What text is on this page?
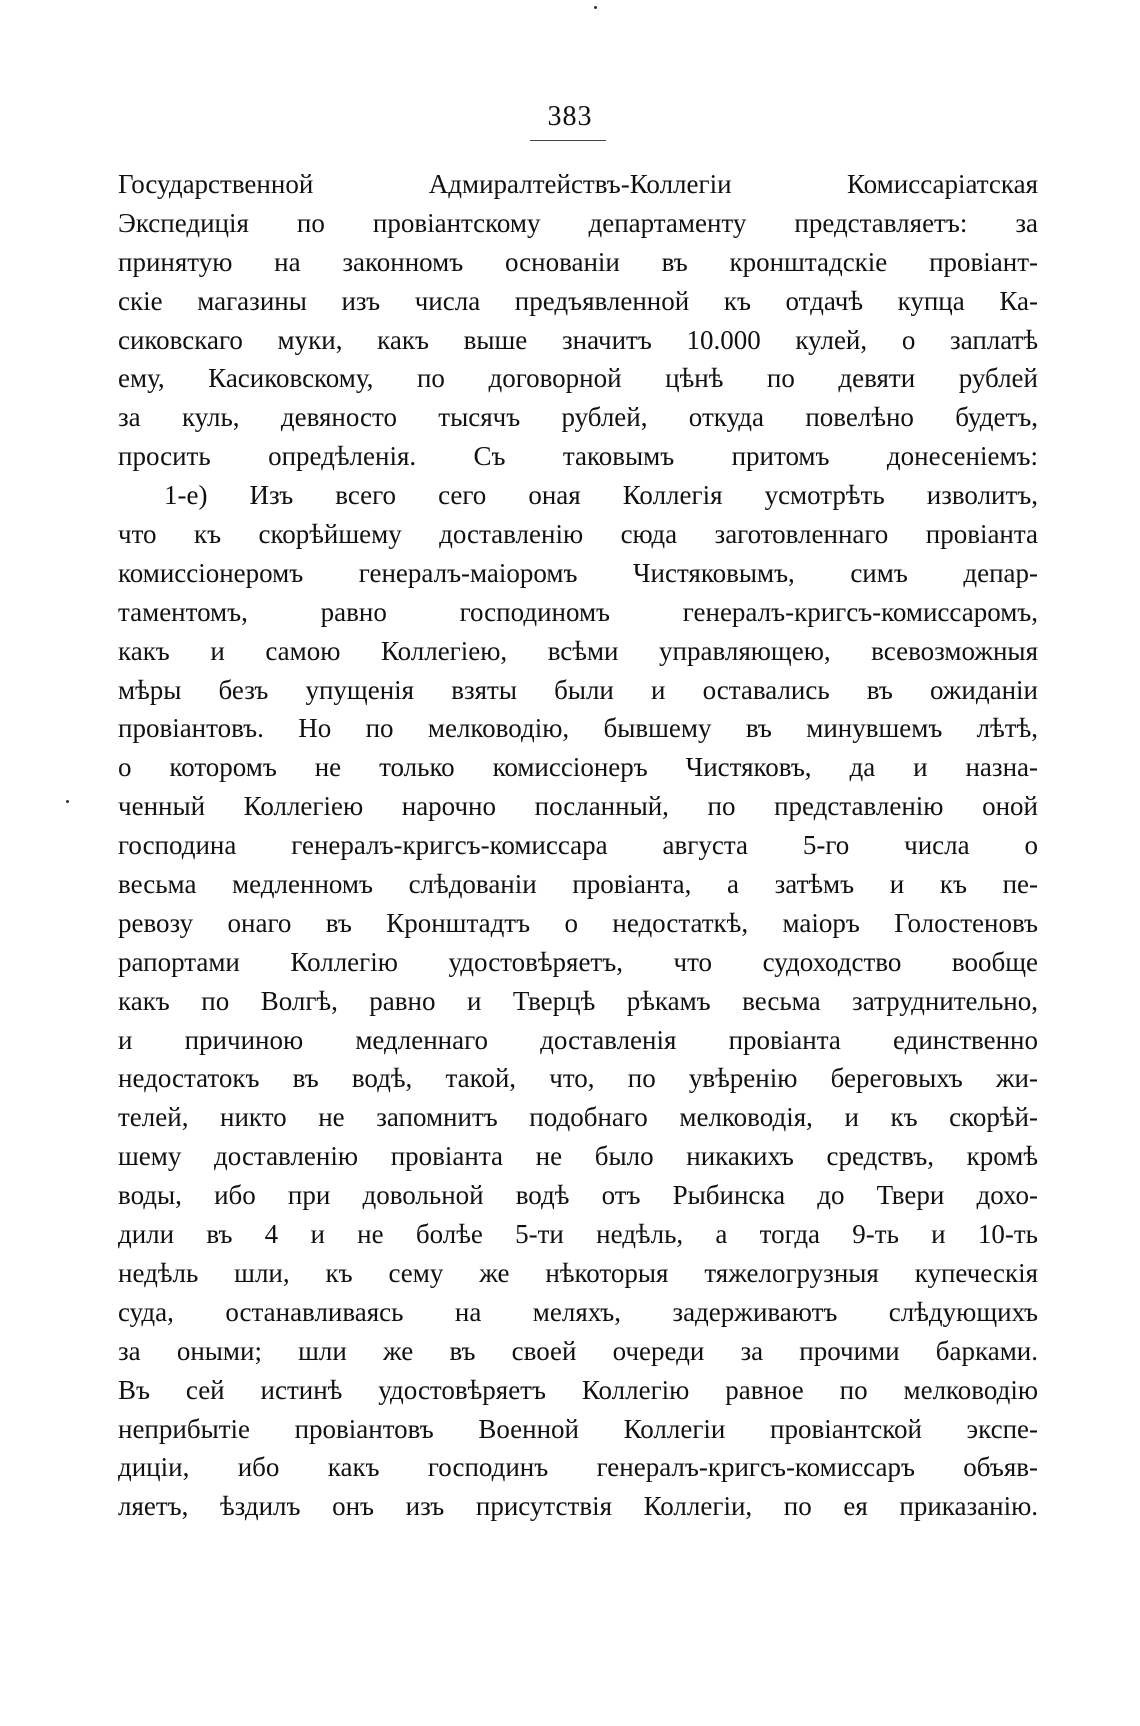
383
Государственной Адмиралтействъ-Коллегіи Комиссаріатская
Экспедиція по провіантскому департаменту представляетъ: за
принятую на законномъ основаніи въ кронштадскіе провіант-
скіе магазины изъ числа предъявленной къ отдачѣ купца Ка-
сиковскаго муки, какъ выше значитъ 10.000 кулей, о заплатѣ
ему, Касиковскому, по договорной цѣнѣ по девяти рублей
за куль, девяносто тысячъ рублей, откуда повелѣно будетъ,
просить опредѣленія. Съ таковымъ притомъ донесеніемъ:
1-е) Изъ всего сего оная Коллегія усмотрѣть изволитъ,
что къ скорѣйшему доставленію сюда заготовленнаго провіанта
комиссіонеромъ генералъ-маіоромъ Чистяковымъ, симъ депар-
таментомъ, равно господиномъ генералъ-кригсъ-комиссаромъ,
какъ и самою Коллегіею, всѣми управляющею, всевозможныя
мѣры безъ упущенія взяты были и оставались въ ожиданіи
провіантовъ. Но по мелководію, бывшему въ минувшемъ лѣтѣ,
о которомъ не только комиссіонеръ Чистяковъ, да и назна-
ченный Коллегіею нарочно посланный, по представленію оной
господина генералъ-кригсъ-комиссара августа 5-го числа о
весьма медленномъ слѣдованіи провіанта, а затѣмъ и къ пе-
ревозу онаго въ Кронштадтъ о недостаткѣ, маіоръ Голостеновъ
рапортами Коллегію удостовѣряетъ, что судоходство вообще
какъ по Волгѣ, равно и Тверцѣ рѣкамъ весьма затруднительно,
и причиною медленнаго доставленія провіанта единственно
недостатокъ въ водѣ, такой, что, по увѣренію береговыхъ жи-
телей, никто не запомнитъ подобнаго мелководія, и къ скорѣй-
шему доставленію провіанта не было никакихъ средствъ, кромѣ
воды, ибо при довольной водѣ отъ Рыбинска до Твери дохо-
дили въ 4 и не болѣе 5-ти недѣль, а тогда 9-ть и 10-ть
недѣль шли, къ сему же нѣкоторыя тяжелогрузныя купеческія
суда, останавливаясь на меляхъ, задерживаютъ слѣдующихъ
за оными; шли же въ своей очереди за прочими барками.
Въ сей истинѣ удостовѣряетъ Коллегію равное по мелководію
неприбытіе провіантовъ Военной Коллегіи провіантской экспе-
диціи, ибо какъ господинъ генералъ-кригсъ-комиссаръ объяв-
ляетъ, ѣздилъ онъ изъ присутствія Коллегіи, по ея приказанію.
